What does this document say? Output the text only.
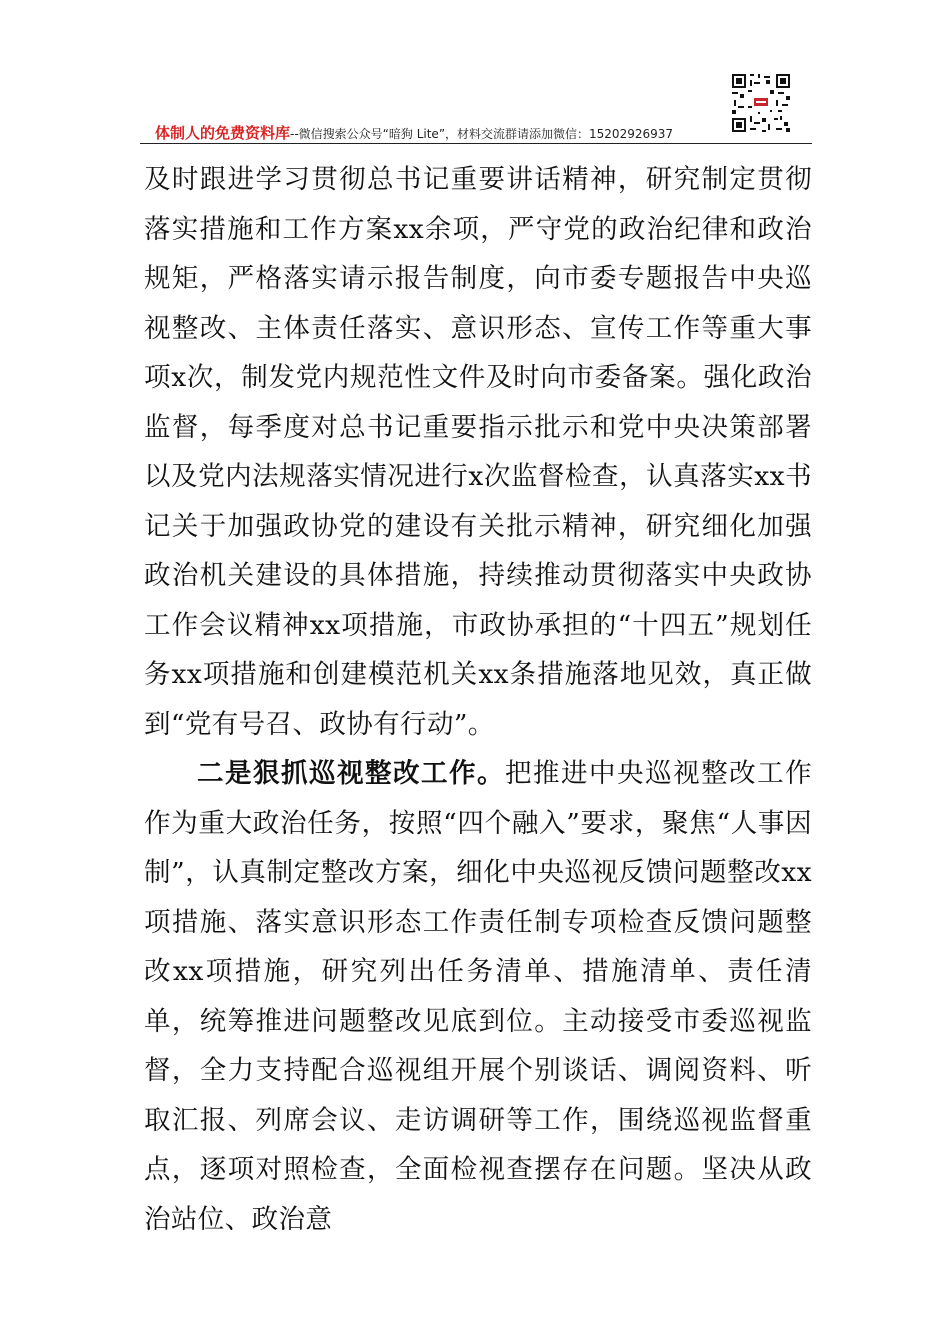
体制人的免费资料库--微信搜索公众号“暗狗 Lite”，材料交流群请添加微信：15202926937

及时跟进学习贯彻总书记重要讲话精神，研究制定贯彻落实措施和工作方案xx余项，严守党的政治纪律和政治规矩，严格落实请示报告制度，向市委专题报告中央巡视整改、主体责任落实、意识形态、宣传工作等重大事项x次，制发党内规范性文件及时向市委备案。强化政治监督，每季度对总书记重要指示批示和党中央决策部署以及党内法规落实情况进行x次监督检查，认真落实xx书记关于加强政协党的建设有关批示精神，研究细化加强政治机关建设的具体措施，持续推动贯彻落实中央政协工作会议精神xx项措施，市政协承担的“十四五”规划任务xx项措施和创建模范机关xx条措施落地见效，真正做到“党有号召、政协有行动”。

二是狠抓巡视整改工作。把推进中央巡视整改工作作为重大政治任务，按照“四个融入”要求，聚焦“人事因制”，认真制定整改方案，细化中央巡视反馈问题整改xx项措施、落实意识形态工作责任制专项检查反馈问题整改xx项措施，研究列出任务清单、措施清单、责任清单，统筹推进问题整改见底到位。主动接受市委巡视监督，全力支持配合巡视组开展个别谈话、调阅资料、听取汇报、列席会议、走访调研等工作，围绕巡视监督重点，逐项对照检查，全面检视查摆存在问题。坚决从政治站位、政治意
